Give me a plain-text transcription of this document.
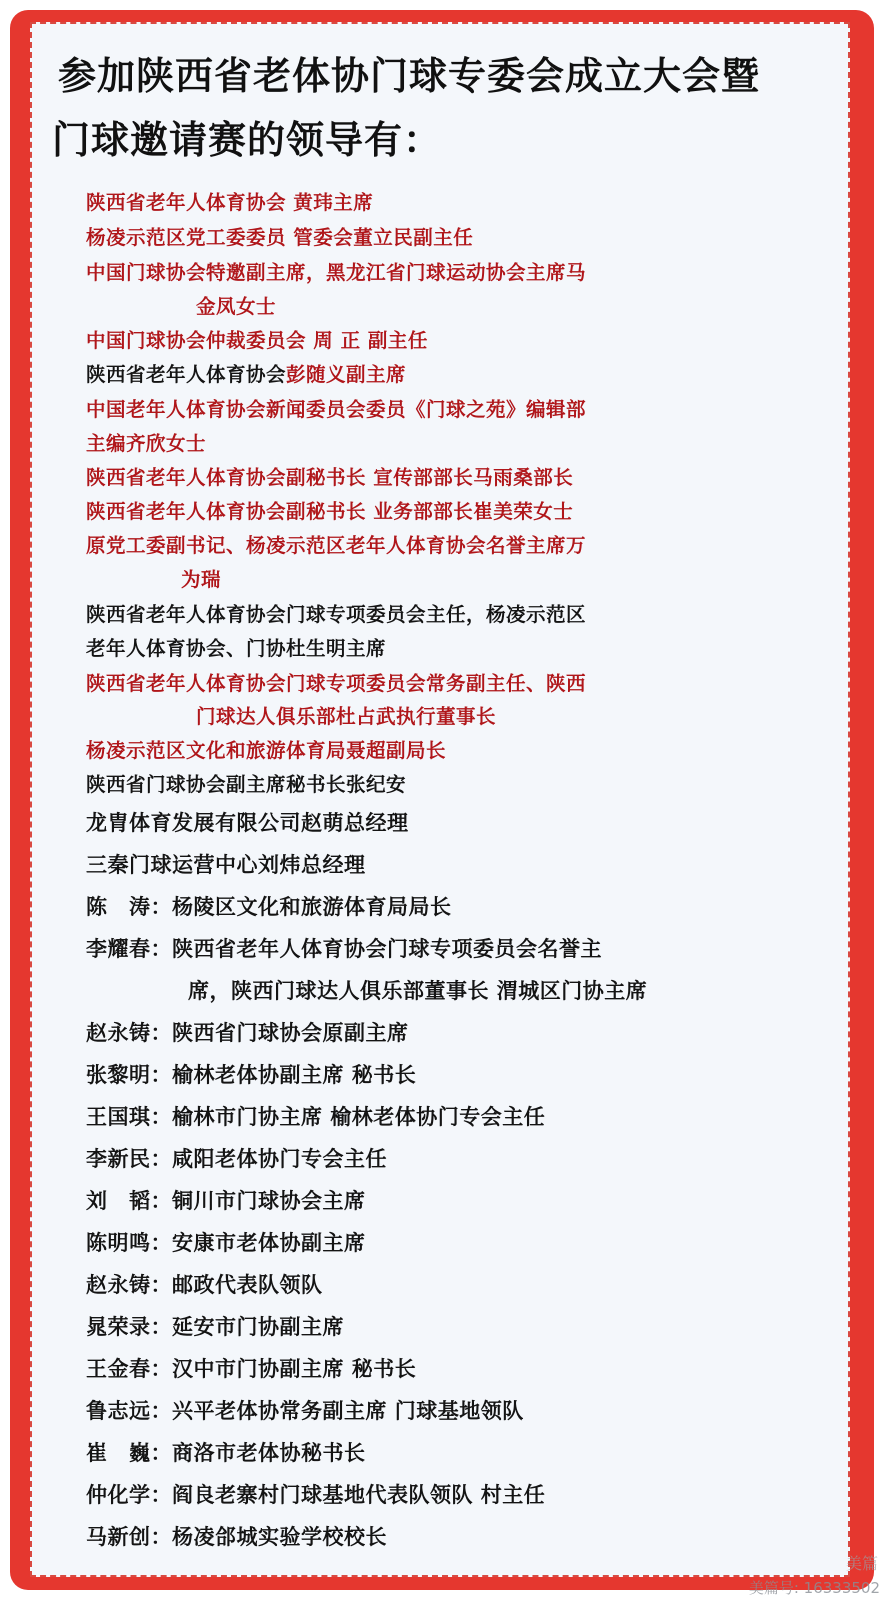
参加陕西省老体协门球专委会成立大会暨
门球邀请赛的领导有：
陕西省老年人体育协会 黄玮主席
杨凌示范区党工委委员 管委会董立民副主任
中国门球协会特邀副主席，黑龙江省门球运动协会主席马
金凤女士
中国门球协会仲裁委员会 周 正 副主任
陕西省老年人体育协会彭随义副主席
中国老年人体育协会新闻委员会委员《门球之苑》编辑部
主编齐欣女士
陕西省老年人体育协会副秘书长 宣传部部长马雨桑部长
陕西省老年人体育协会副秘书长 业务部部长崔美荣女士
原党工委副书记、杨凌示范区老年人体育协会名誉主席万
为瑞
陕西省老年人体育协会门球专项委员会主任，杨凌示范区
老年人体育协会、门协杜生明主席
陕西省老年人体育协会门球专项委员会常务副主任、陕西
门球达人俱乐部杜占武执行董事长
杨凌示范区文化和旅游体育局聂超副局长
陕西省门球协会副主席秘书长张纪安
龙胄体育发展有限公司赵萌总经理
三秦门球运营中心刘炜总经理
陈　涛：杨陵区文化和旅游体育局局长
李耀春：陕西省老年人体育协会门球专项委员会名誉主
席，陕西门球达人俱乐部董事长 渭城区门协主席
赵永铸：陕西省门球协会原副主席
张黎明：榆林老体协副主席 秘书长
王国琪：榆林市门协主席 榆林老体协门专会主任
李新民：咸阳老体协门专会主任
刘　韬：铜川市门球协会主席
陈明鸣：安康市老体协副主席
赵永铸：邮政代表队领队
晁荣录：延安市门协副主席
王金春：汉中市门协副主席 秘书长
鲁志远：兴平老体协常务副主席 门球基地领队
崔　巍：商洛市老体协秘书长
仲化学：阎良老寨村门球基地代表队领队 村主任
马新创：杨凌郃城实验学校校长
美篇
美篇号: 16333502
